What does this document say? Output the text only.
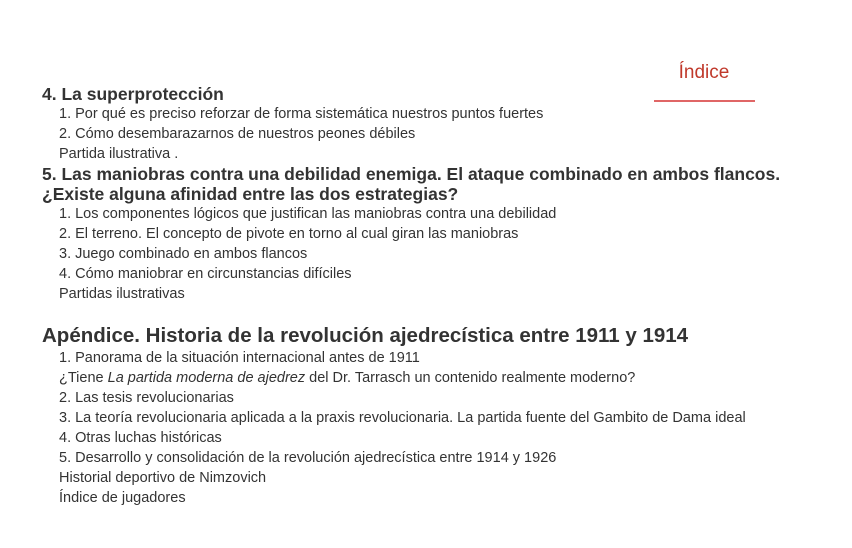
Índice
4. La superprotección
1. Por qué es preciso reforzar de forma sistemática nuestros puntos fuertes
2. Cómo desembarazarnos de nuestros peones débiles
Partida ilustrativa .
5. Las maniobras contra una debilidad enemiga. El ataque combinado en ambos flancos. ¿Existe alguna afinidad entre las dos estrategias?
1. Los componentes lógicos que justifican las maniobras contra una debilidad
2. El terreno. El concepto de pivote en torno al cual giran las maniobras
3. Juego combinado en ambos flancos
4. Cómo maniobrar en circunstancias difíciles
Partidas ilustrativas
Apéndice. Historia de la revolución ajedrecística entre 1911 y 1914
1. Panorama de la situación internacional antes de 1911
¿Tiene La partida moderna de ajedrez del Dr. Tarrasch un contenido realmente moderno?
2. Las tesis revolucionarias
3. La teoría revolucionaria aplicada a la praxis revolucionaria. La partida fuente del Gambito de Dama ideal
4. Otras luchas históricas
5. Desarrollo y consolidación de la revolución ajedrecística entre 1914 y 1926
Historial deportivo de Nimzovich
Índice de jugadores
